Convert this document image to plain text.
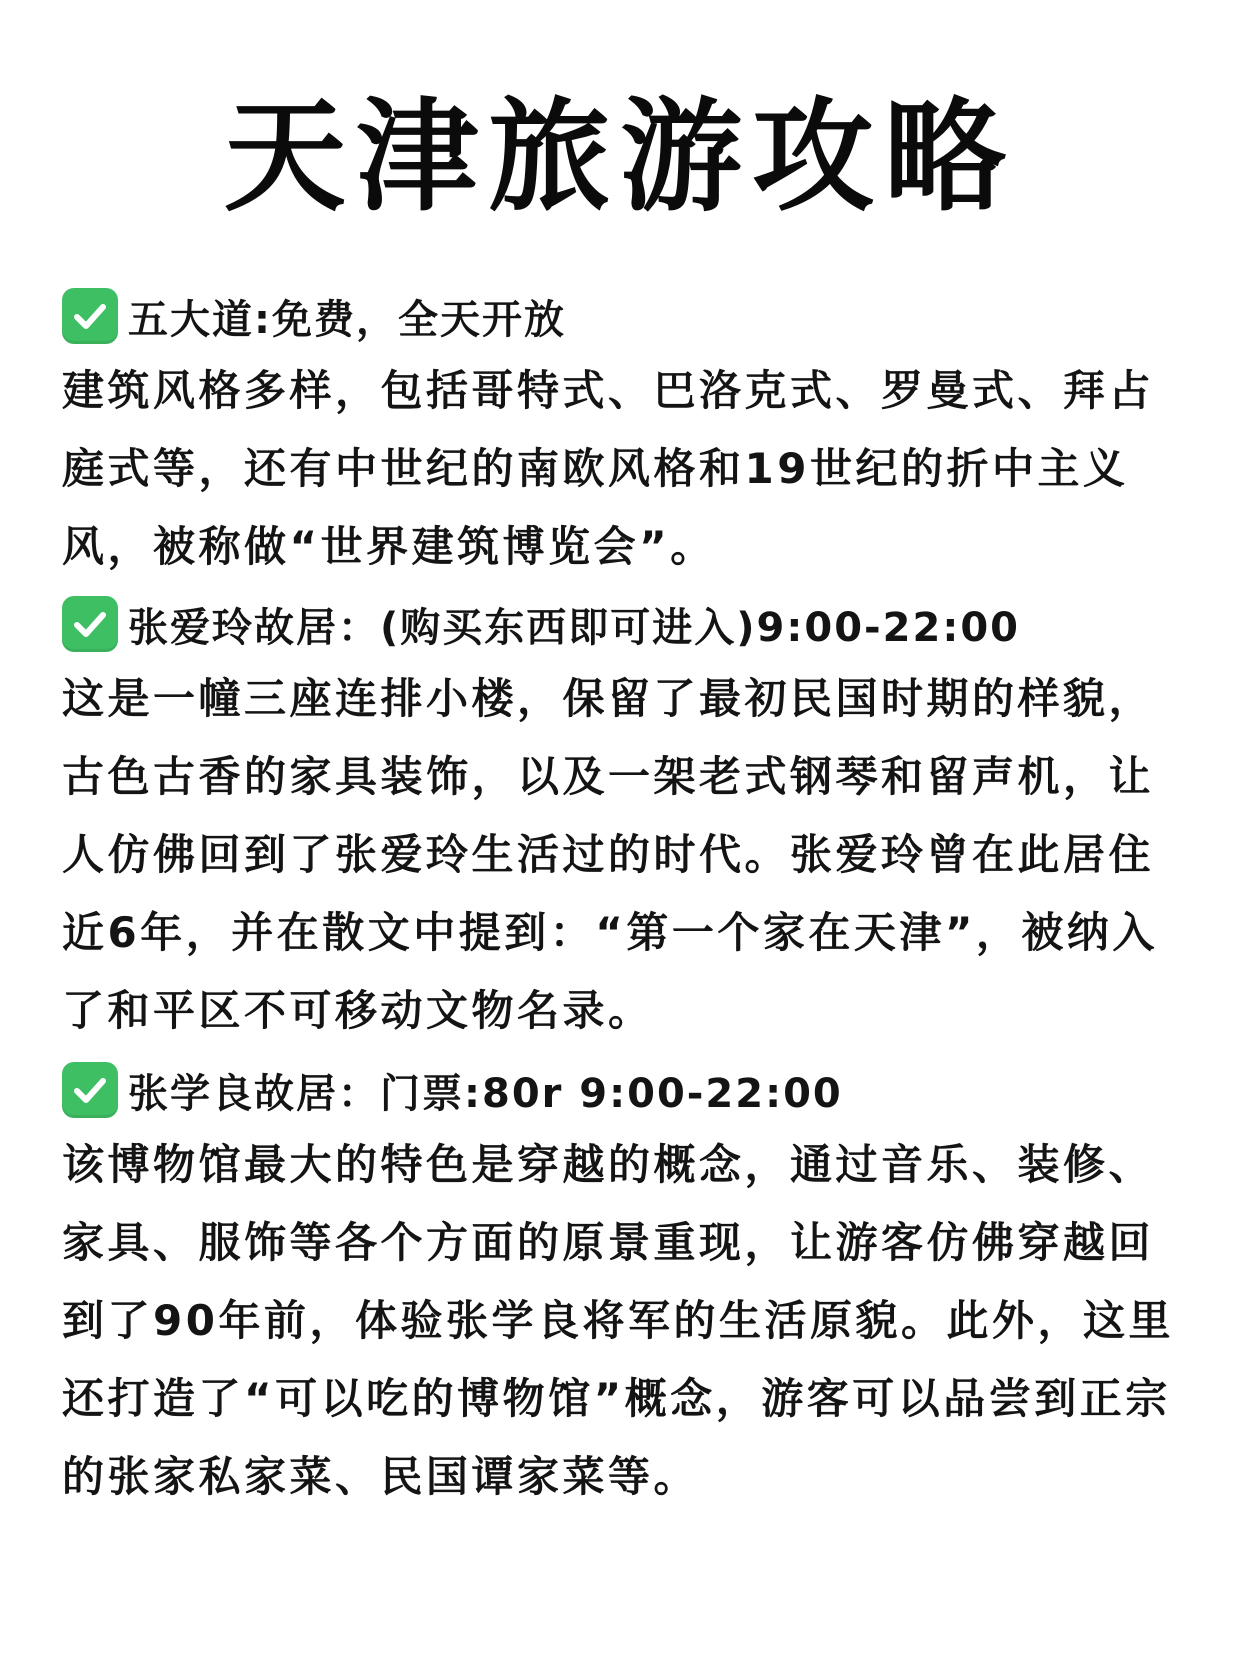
天津旅游攻略
五大道:免费，全天开放

建筑风格多样，包括哥特式、巴洛克式、罗曼式、拜占庭式等，还有中世纪的南欧风格和19世纪的折中主义风，被称做“世界建筑博览会”。

张爱玲故居：(购买东西即可进入)9:00-22:00

这是一幢三座连排小楼，保留了最初民国时期的样貌，古色古香的家具装饰，以及一架老式钢琴和留声机，让人仿佛回到了张爱玲生活过的时代。张爱玲曾在此居住近6年，并在散文中提到：“第一个家在天津”，被纳入了和平区不可移动文物名录。

张学良故居：门票:80r 9:00-22:00

该博物馆最大的特色是穿越的概念，通过音乐、装修、家具、服饰等各个方面的原景重现，让游客仿佛穿越回到了90年前，体验张学良将军的生活原貌。此外，这里还打造了“可以吃的博物馆”概念，游客可以品尝到正宗的张家私家菜、民国谭家菜等。
